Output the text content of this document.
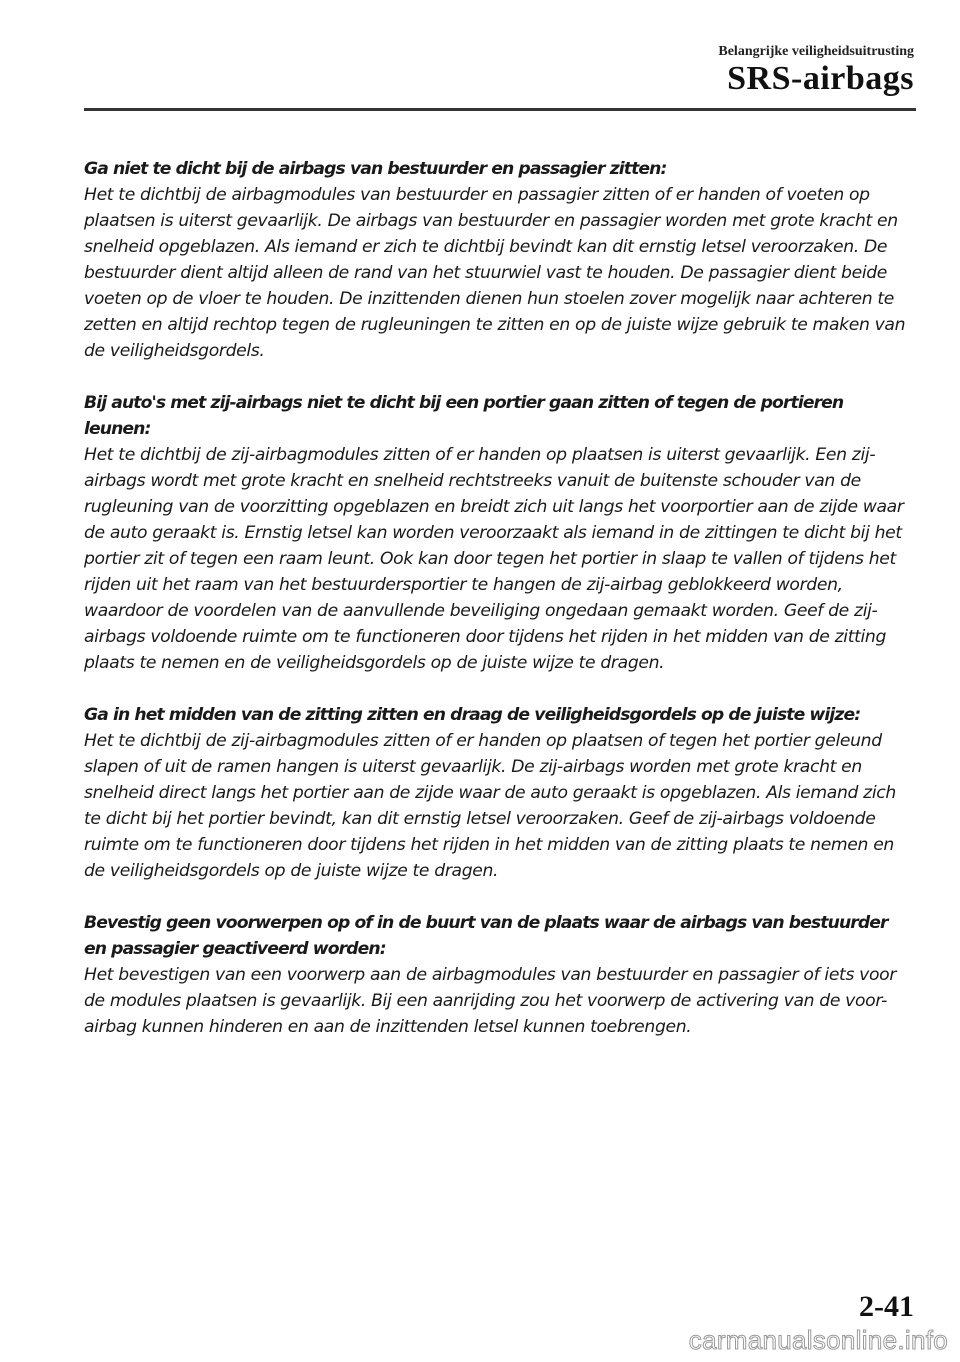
Belangrijke veiligheidsuitrusting
SRS-airbags
Ga niet te dicht bij de airbags van bestuurder en passagier zitten:
Het te dichtbij de airbagmodules van bestuurder en passagier zitten of er handen of voeten op plaatsen is uiterst gevaarlijk. De airbags van bestuurder en passagier worden met grote kracht en snelheid opgeblazen. Als iemand er zich te dichtbij bevindt kan dit ernstig letsel veroorzaken. De bestuurder dient altijd alleen de rand van het stuurwiel vast te houden. De passagier dient beide voeten op de vloer te houden. De inzittenden dienen hun stoelen zover mogelijk naar achteren te zetten en altijd rechtop tegen de rugleuningen te zitten en op de juiste wijze gebruik te maken van de veiligheidsgordels.
Bij auto's met zij-airbags niet te dicht bij een portier gaan zitten of tegen de portieren leunen:
Het te dichtbij de zij-airbagmodules zitten of er handen op plaatsen is uiterst gevaarlijk. Een zij-airbags wordt met grote kracht en snelheid rechtstreeks vanuit de buitenste schouder van de rugleuning van de voorzitting opgeblazen en breidt zich uit langs het voorportier aan de zijde waar de auto geraakt is. Ernstig letsel kan worden veroorzaakt als iemand in de zittingen te dicht bij het portier zit of tegen een raam leunt. Ook kan door tegen het portier in slaap te vallen of tijdens het rijden uit het raam van het bestuurdersportier te hangen de zij-airbag geblokkeerd worden, waardoor de voordelen van de aanvullende beveiliging ongedaan gemaakt worden. Geef de zij-airbags voldoende ruimte om te functioneren door tijdens het rijden in het midden van de zitting plaats te nemen en de veiligheidsgordels op de juiste wijze te dragen.
Ga in het midden van de zitting zitten en draag de veiligheidsgordels op de juiste wijze:
Het te dichtbij de zij-airbagmodules zitten of er handen op plaatsen of tegen het portier geleund slapen of uit de ramen hangen is uiterst gevaarlijk. De zij-airbags worden met grote kracht en snelheid direct langs het portier aan de zijde waar de auto geraakt is opgeblazen. Als iemand zich te dicht bij het portier bevindt, kan dit ernstig letsel veroorzaken. Geef de zij-airbags voldoende ruimte om te functioneren door tijdens het rijden in het midden van de zitting plaats te nemen en de veiligheidsgordels op de juiste wijze te dragen.
Bevestig geen voorwerpen op of in de buurt van de plaats waar de airbags van bestuurder en passagier geactiveerd worden:
Het bevestigen van een voorwerp aan de airbagmodules van bestuurder en passagier of iets voor de modules plaatsen is gevaarlijk. Bij een aanrijding zou het voorwerp de activering van de voor-airbag kunnen hinderen en aan de inzittenden letsel kunnen toebrengen.
2-41
carmanualsonline.info
